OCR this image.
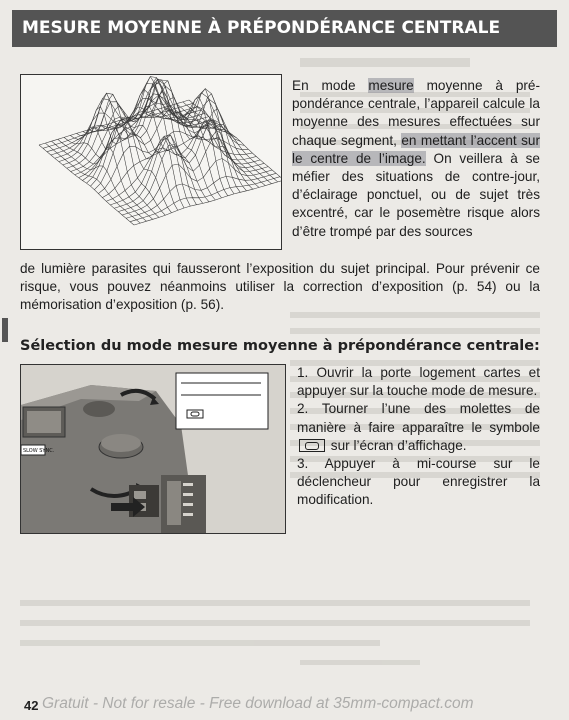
MESURE MOYENNE À PRÉPONDÉRANCE CENTRALE

En mode mesure moyenne à prépondérance centrale, l’appareil calcule la moyenne des mesures effectuées sur chaque segment, en mettant l’accent sur le centre de l’image. On veillera à se méfier des situations de contre-jour, d’éclairage ponctuel, ou de sujet très excentré, car le posemètre risque alors d’être trompé par des sources

de lumière parasites qui fausseront l’exposition du sujet principal. Pour prévenir ce risque, vous pouvez néanmoins utiliser la correction d’exposition (p. 54) ou la mémorisation d’exposition (p. 56).

Sélection du mode mesure moyenne à prépondérance centrale:
SLOW SYNC.
1. Ouvrir la porte logement cartes et appuyer sur la touche mode de mesure.
2. Tourner l’une des molettes de manière à faire apparaître le symbole  sur l’écran d’affichage.
3. Appuyer à mi-course sur le déclencheur pour enregistrer la modification.
42 Gratuit - Not for resale - Free download at 35mm-compact.com
